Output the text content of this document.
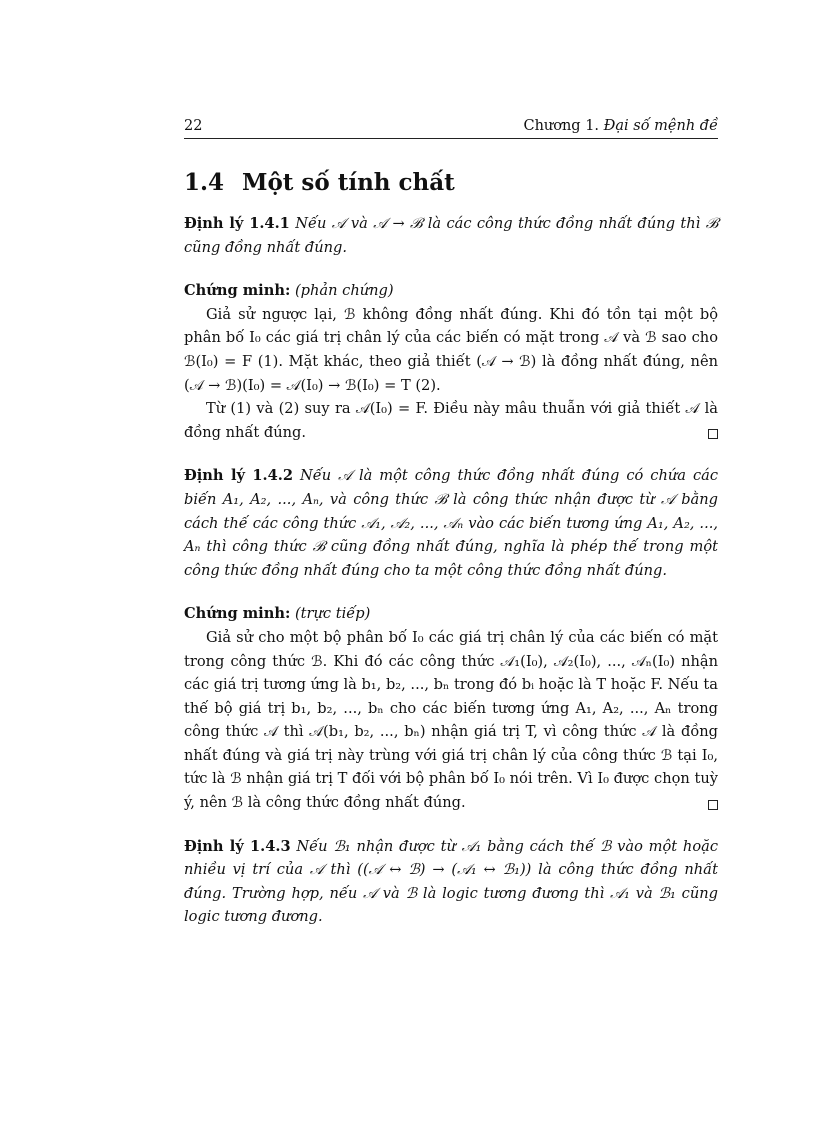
22	Chương 1. Đại số mệnh đề
1.4 Một số tính chất

Định lý 1.4.1 Nếu 𝒜 và 𝒜 → ℬ là các công thức đồng nhất đúng thì ℬ cũng đồng nhất đúng.

Chứng minh: (phản chứng)

Giả sử ngược lại, ℬ không đồng nhất đúng. Khi đó tồn tại một bộ phân bố I₀ các giá trị chân lý của các biến có mặt trong 𝒜 và ℬ sao cho ℬ(I₀) = F (1). Mặt khác, theo giả thiết (𝒜 → ℬ) là đồng nhất đúng, nên (𝒜 → ℬ)(I₀) = 𝒜(I₀) → ℬ(I₀) = T (2).

Từ (1) và (2) suy ra 𝒜(I₀) = F. Điều này mâu thuẫn với giả thiết 𝒜 là đồng nhất đúng.

Định lý 1.4.2 Nếu 𝒜 là một công thức đồng nhất đúng có chứa các biến A₁, A₂, ..., Aₙ, và công thức ℬ là công thức nhận được từ 𝒜 bằng cách thế các công thức 𝒜₁, 𝒜₂, ..., 𝒜ₙ vào các biến tương ứng A₁, A₂, ..., Aₙ thì công thức ℬ cũng đồng nhất đúng, nghĩa là phép thế trong một công thức đồng nhất đúng cho ta một công thức đồng nhất đúng.

Chứng minh: (trực tiếp)

Giả sử cho một bộ phân bố I₀ các giá trị chân lý của các biến có mặt trong công thức ℬ. Khi đó các công thức 𝒜₁(I₀), 𝒜₂(I₀), ..., 𝒜ₙ(I₀) nhận các giá trị tương ứng là b₁, b₂, ..., bₙ trong đó bᵢ hoặc là T hoặc F. Nếu ta thế bộ giá trị b₁, b₂, ..., bₙ cho các biến tương ứng A₁, A₂, ..., Aₙ trong công thức 𝒜 thì 𝒜(b₁, b₂, ..., bₙ) nhận giá trị T, vì công thức 𝒜 là đồng nhất đúng và giá trị này trùng với giá trị chân lý của công thức ℬ tại I₀, tức là ℬ nhận giá trị T đối với bộ phân bố I₀ nói trên. Vì I₀ được chọn tuỳ ý, nên ℬ là công thức đồng nhất đúng.

Định lý 1.4.3 Nếu ℬ₁ nhận được từ 𝒜₁ bằng cách thế ℬ vào một hoặc nhiều vị trí của 𝒜 thì ((𝒜 ↔ ℬ) → (𝒜₁ ↔ ℬ₁)) là công thức đồng nhất đúng. Trường hợp, nếu 𝒜 và ℬ là logic tương đương thì 𝒜₁ và ℬ₁ cũng logic tương đương.
